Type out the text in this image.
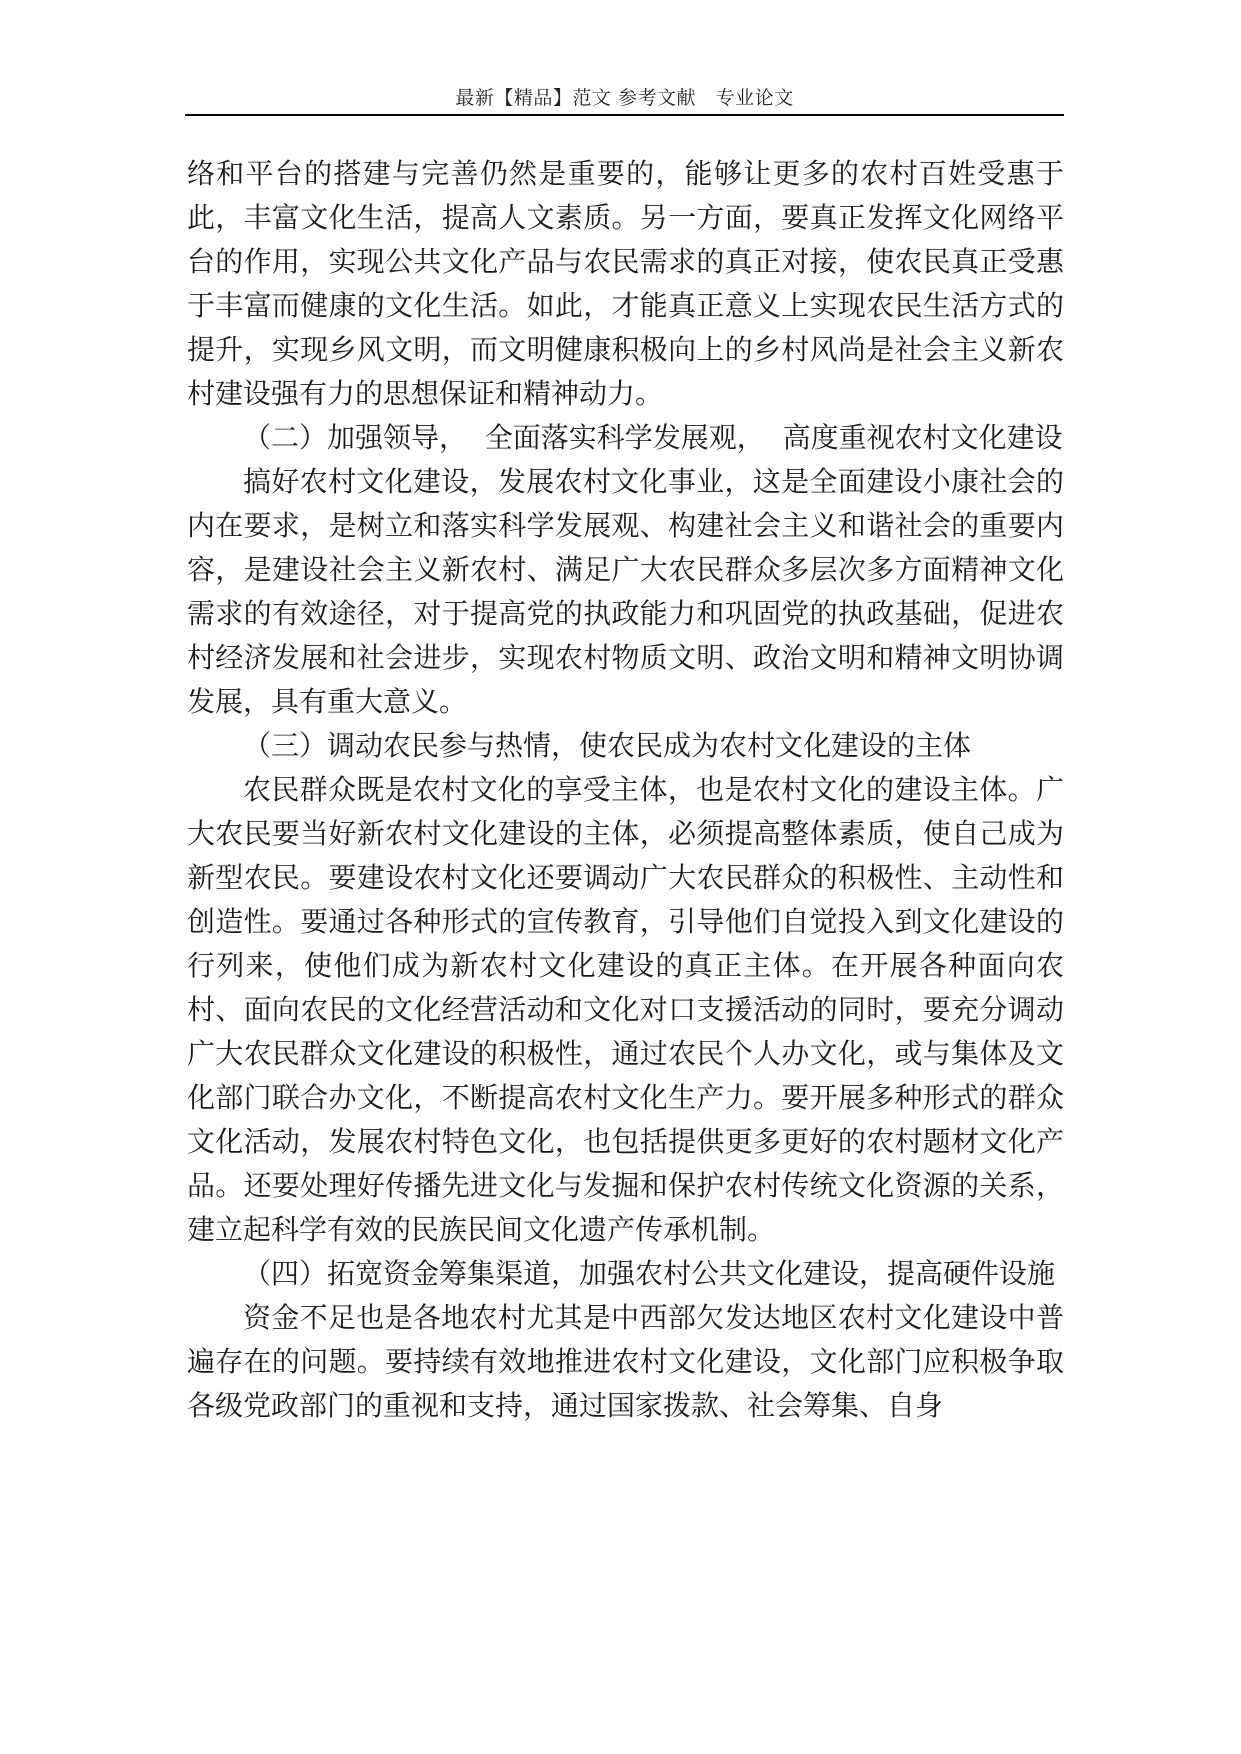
最新【精品】范文 参考文献   专业论文

络和平台的搭建与完善仍然是重要的，能够让更多的农村百姓受惠于此，丰富文化生活，提高人文素质。另一方面，要真正发挥文化网络平台的作用，实现公共文化产品与农民需求的真正对接，使农民真正受惠于丰富而健康的文化生活。如此，才能真正意义上实现农民生活方式的提升，实现乡风文明，而文明健康积极向上的乡村风尚是社会主义新农村建设强有力的思想保证和精神动力。

（二）加强领导，  全面落实科学发展观，  高度重视农村文化建设

搞好农村文化建设，发展农村文化事业，这是全面建设小康社会的内在要求，是树立和落实科学发展观、构建社会主义和谐社会的重要内容，是建设社会主义新农村、满足广大农民群众多层次多方面精神文化需求的有效途径，对于提高党的执政能力和巩固党的执政基础，促进农村经济发展和社会进步，实现农村物质文明、政治文明和精神文明协调发展，具有重大意义。

（三）调动农民参与热情，使农民成为农村文化建设的主体

农民群众既是农村文化的享受主体，也是农村文化的建设主体。广大农民要当好新农村文化建设的主体，必须提高整体素质，使自己成为新型农民。要建设农村文化还要调动广大农民群众的积极性、主动性和创造性。要通过各种形式的宣传教育，引导他们自觉投入到文化建设的行列来，使他们成为新农村文化建设的真正主体。在开展各种面向农村、面向农民的文化经营活动和文化对口支援活动的同时，要充分调动广大农民群众文化建设的积极性，通过农民个人办文化，或与集体及文化部门联合办文化，不断提高农村文化生产力。要开展多种形式的群众文化活动，发展农村特色文化，也包括提供更多更好的农村题材文化产品。还要处理好传播先进文化与发掘和保护农村传统文化资源的关系，建立起科学有效的民族民间文化遗产传承机制。

（四）拓宽资金筹集渠道，加强农村公共文化建设，提高硬件设施

资金不足也是各地农村尤其是中西部欠发达地区农村文化建设中普遍存在的问题。要持续有效地推进农村文化建设，文化部门应积极争取各级党政部门的重视和支持，通过国家拨款、社会筹集、自身
